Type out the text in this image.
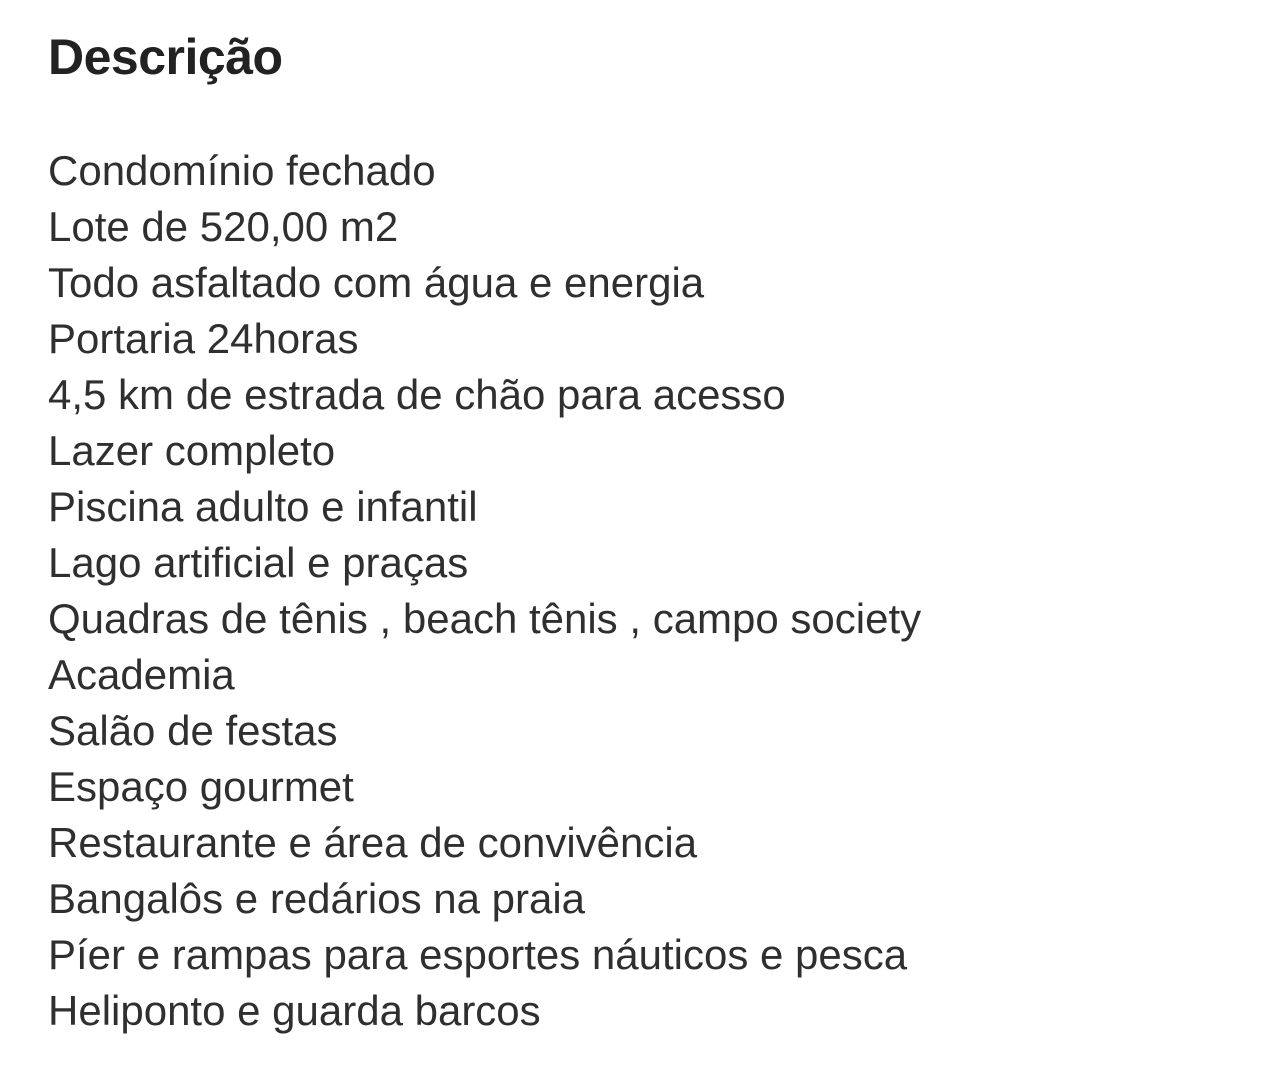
Descrição

Condomínio fechado

Lote de 520,00 m2

Todo asfaltado com água e energia

Portaria 24horas

4,5 km de estrada de chão para acesso

Lazer completo

Piscina adulto e infantil

Lago artificial e praças

Quadras de tênis , beach tênis , campo society

Academia

Salão de festas

Espaço gourmet

Restaurante e área de convivência

Bangalôs e redários na praia

Píer e rampas para esportes náuticos e pesca

Heliponto e guarda barcos
